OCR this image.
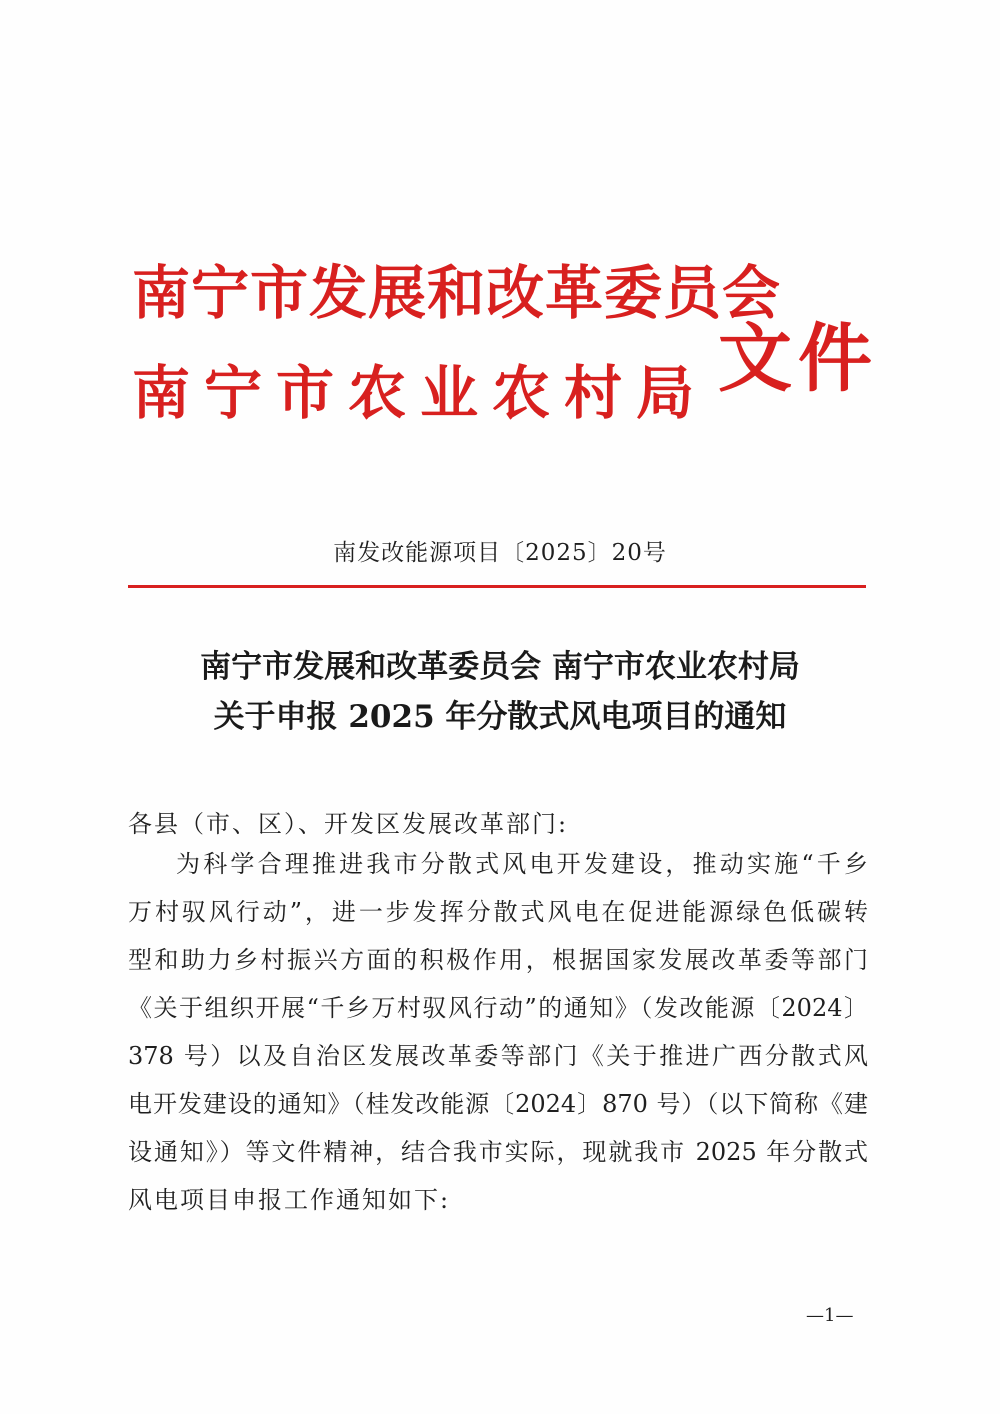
南宁市发展和改革委员会
南宁市农业农村局 文件
南发改能源项目〔2025〕20号
南宁市发展和改革委员会 南宁市农业农村局
关于申报 2025 年分散式风电项目的通知
各县（市、区）、开发区发展改革部门:
为科学合理推进我市分散式风电开发建设，推动实施“千乡
万村驭风行动”，进一步发挥分散式风电在促进能源绿色低碳转
型和助力乡村振兴方面的积极作用，根据国家发展改革委等部门
《关于组织开展“千乡万村驭风行动”的通知》（发改能源〔2024〕
378 号）以及自治区发展改革委等部门《关于推进广西分散式风
电开发建设的通知》（桂发改能源〔2024〕870 号）（以下简称《建
设通知》）等文件精神，结合我市实际，现就我市 2025 年分散式
风电项目申报工作通知如下:
—1—
